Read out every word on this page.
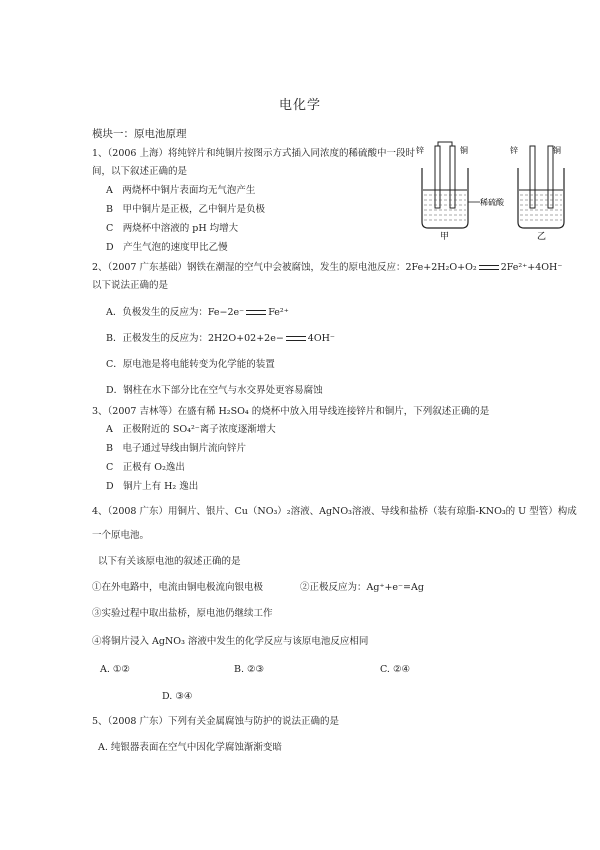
电化学
模块一：原电池原理
1、（2006 上海）将纯锌片和纯铜片按图示方式插入同浓度的稀硫酸中一段时
间，以下叙述正确的是
A　两烧杯中铜片表面均无气泡产生
B　甲中铜片是正极，乙中铜片是负极
C　两烧杯中溶液的 pH 均增大
D　产生气泡的速度甲比乙慢
锌	铜	锌	铜
稀硫酸
甲	乙
2、（2007 广东基础）钢铁在潮湿的空气中会被腐蚀，发生的原电池反应：2Fe+2H₂O+O₂	2Fe²⁺+4OH⁻
以下说法正确的是
A．负极发生的反应为：Fe−2e⁻	Fe²⁺
B．正极发生的反应为：2H2O+02+2e−	4OH⁻
C．原电池是将电能转变为化学能的装置
D．钢柱在水下部分比在空气与水交界处更容易腐蚀
3、（2007 吉林等）在盛有稀 H₂SO₄ 的烧杯中放入用导线连接锌片和铜片，下列叙述正确的是
A　正极附近的 SO₄²⁻离子浓度逐渐增大
B　电子通过导线由铜片流向锌片
C　正极有 O₂逸出
D　铜片上有 H₂ 逸出
4、（2008 广东）用铜片、银片、Cu（NO₃）₂溶液、AgNO₃溶液、导线和盐桥（装有琼脂-KNO₃的 U 型管）构成
一个原电池。
以下有关该原电池的叙述正确的是
①在外电路中，电流由铜电极流向银电极	②正极反应为：Ag⁺+e⁻=Ag
③实验过程中取出盐桥，原电池仍继续工作
④将铜片浸入 AgNO₃ 溶液中发生的化学反应与该原电池反应相同
A. ①②	B. ②③	C. ②④
D. ③④
5、（2008 广东）下列有关金属腐蚀与防护的说法正确的是
A. 纯银器表面在空气中因化学腐蚀渐渐变暗
